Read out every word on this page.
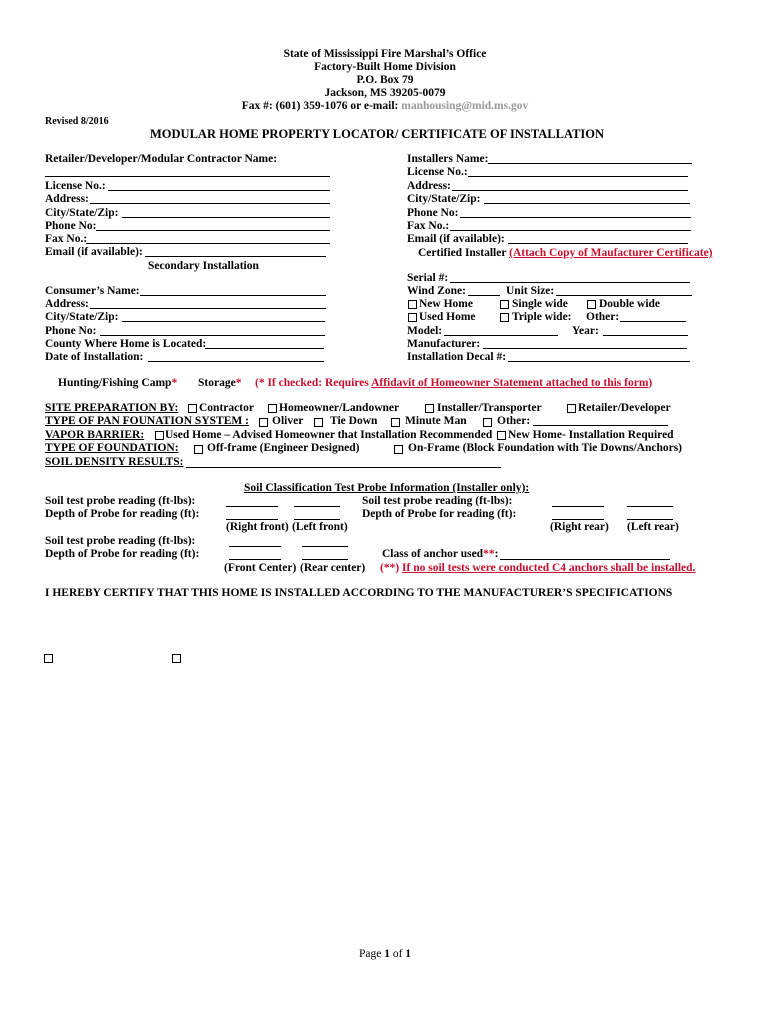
State of Mississippi Fire Marshal’s Office
Factory-Built Home Division
P.O. Box 79
Jackson, MS 39205-0079
Fax #: (601) 359-1076 or e-mail: manhousing@mid.ms.gov
Revised 8/2016
MODULAR HOME PROPERTY LOCATOR/ CERTIFICATE OF INSTALLATION
Retailer/Developer/Modular Contractor Name:
License No.:
Address:
City/State/Zip:
Phone No:
Fax No.:
Email (if available):
Secondary Installation
Installers Name:
License No.:
Address:
City/State/Zip:
Phone No:
Fax No.:
Email (if available):
Certified Installer (Attach Copy of Maufacturer Certificate)
Serial #:
Wind Zone:	Unit Size:
New Home	Single wide	Double wide
Used Home	Triple wide: Other:
Model:	Year:
Manufacturer:
Installation Decal #:
Consumer’s Name:
Address:
City/State/Zip:
Phone No:
County Where Home is Located:
Date of Installation:
Hunting/Fishing Camp* Storage* (* If checked: Requires Affidavit of Homeowner Statement attached to this form)
SITE PREPARATION BY: Contractor Homeowner/Landowner	Installer/Transporter	Retailer/Developer
TYPE OF PAN FOUNATION SYSTEM : Oliver Tie Down Minute Man	Other:
VAPOR BARRIER: Used Home – Advised Homeowner that Installation Recommended New Home- Installation Required
TYPE OF FOUNDATION: Off-frame (Engineer Designed)	On-Frame (Block Foundation with Tie Downs/Anchors)
SOIL DENSITY RESULTS:
Soil Classification Test Probe Information (Installer only):
Soil test probe reading (ft-lbs):	Soil test probe reading (ft-lbs):
Depth of Probe for reading (ft):	Depth of Probe for reading (ft):
(Right front) (Left front)	(Right rear) (Left rear)
Soil test probe reading (ft-lbs):
Depth of Probe for reading (ft):	Class of anchor used**:
(Front Center) (Rear center) (**) If no soil tests were conducted C4 anchors shall be installed.
I HEREBY CERTIFY THAT THIS HOME IS INSTALLED ACCORDING TO THE MANUFACTURER’S SPECIFICATIONS
Page 1 of 1
